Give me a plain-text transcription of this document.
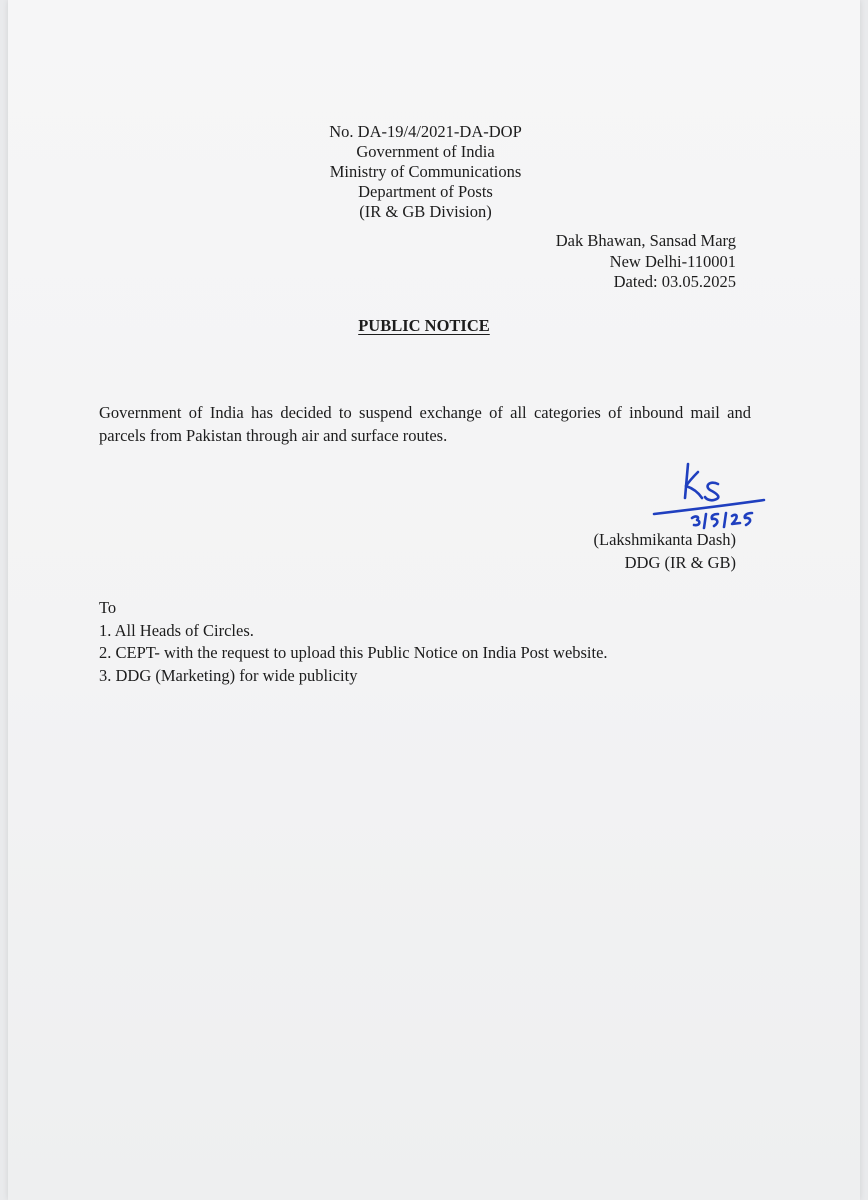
No. DA-19/4/2021-DA-DOP
Government of India
Ministry of Communications
Department of Posts
(IR & GB Division)
Dak Bhawan, Sansad Marg
New Delhi-110001
Dated: 03.05.2025
PUBLIC NOTICE
Government of India has decided to suspend exchange of all categories of inbound mail and parcels from Pakistan through air and surface routes.
(Lakshmikanta Dash)
DDG (IR & GB)
To
1. All Heads of Circles.
2. CEPT- with the request to upload this Public Notice on India Post website.
3. DDG (Marketing) for wide publicity
